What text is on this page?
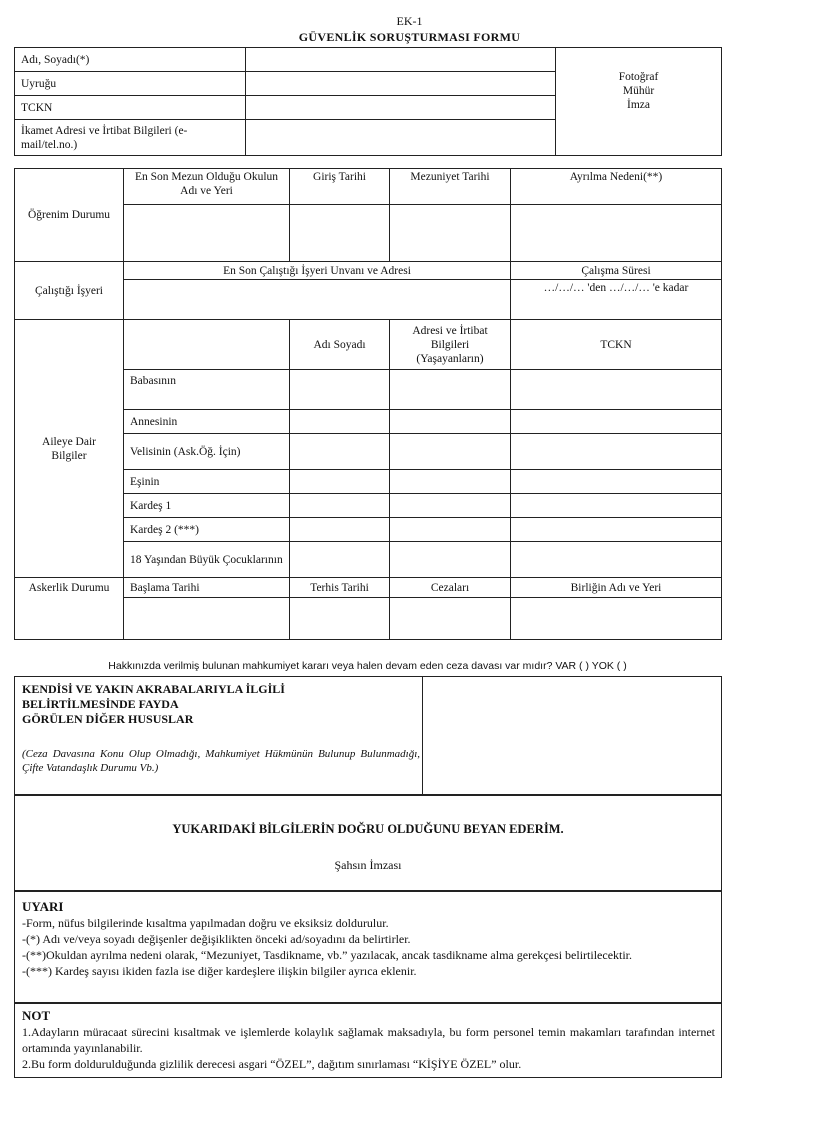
EK-1
GÜVENLİK SORUŞTURMASI FORMU
Adı, Soyadı(*)		Fotoğraf
Mühür
İmza

Uyruğu		
TCKN		
İkamet Adresi ve İrtibat Bilgileri (e-mail/tel.no.)		
Öğrenim Durumu	En Son Mezun Olduğu Okulun Adı ve Yeri	Giriş Tarihi	Mezuniyet Tarihi	Ayrılma Nedeni(**)

Çalıştığı İşyeri	En Son Çalıştığı İşyeri Unvanı ve Adresi			Çalışma Süresi
				…/…/… 'den …/…/… 'e kadar
Aileye Dair Bilgiler		Adı Soyadı	Adresi ve İrtibat Bilgileri (Yaşayanların)	TCKN
	Babasının			
	Annesinin			
	Velisinin (Ask.Öğ. İçin)			
	Eşinin			
	Kardeş 1			
	Kardeş 2 (***)			
	18 Yaşından Büyük Çocuklarının			
Askerlik Durumu	Başlama Tarihi	Terhis Tarihi	Cezaları	Birliğin Adı ve Yeri

Hakkınızda verilmiş bulunan mahkumiyet kararı veya halen devam eden ceza davası var mıdır? VAR ( ) YOK ( )
KENDİSİ VE YAKIN AKRABALARIYLA İLGİLİ
BELİRTİLMESİNDE FAYDA
GÖRÜLEN DİĞER HUSUSLAR
(Ceza Davasına Konu Olup Olmadığı, Mahkumiyet Hükmünün Bulunup Bulunmadığı, Çifte Vatandaşlık Durumu Vb.)
YUKARIDAKİ BİLGİLERİN DOĞRU OLDUĞUNU BEYAN EDERİM.
Şahsın İmzası
UYARI
-Form, nüfus bilgilerinde kısaltma yapılmadan doğru ve eksiksiz doldurulur.
-(*) Adı ve/veya soyadı değişenler değişiklikten önceki ad/soyadını da belirtirler.
-(**)Okuldan ayrılma nedeni olarak, “Mezuniyet, Tasdikname, vb.” yazılacak, ancak tasdikname alma gerekçesi belirtilecektir.
-(***) Kardeş sayısı ikiden fazla ise diğer kardeşlere ilişkin bilgiler ayrıca eklenir.
NOT
1.Adayların müracaat sürecini kısaltmak ve işlemlerde kolaylık sağlamak maksadıyla, bu form personel temin makamları tarafından internet ortamında yayınlanabilir.
2.Bu form doldurulduğunda gizlilik derecesi asgari “ÖZEL”, dağıtım sınırlaması “KİŞİYE ÖZEL” olur.
